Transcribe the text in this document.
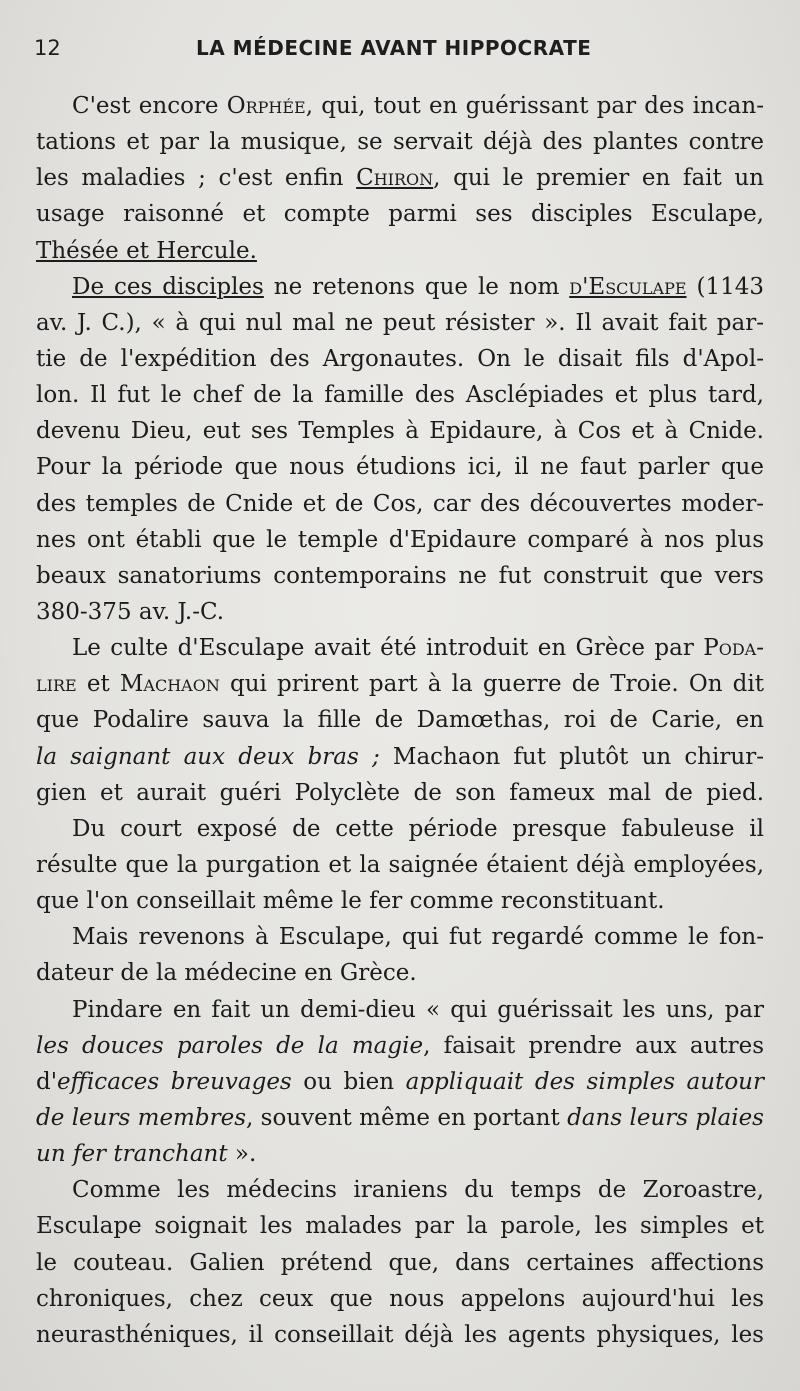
12	LA MÉDECINE AVANT HIPPOCRATE
C'est encore Orphée, qui, tout en guérissant par des incan-
tations et par la musique, se servait déjà des plantes contre
les maladies ; c'est enfin Chiron, qui le premier en fait un
usage raisonné et compte parmi ses disciples Esculape,
Thésée et Hercule.
De ces disciples ne retenons que le nom d'Esculape (1143
av. J. C.), « à qui nul mal ne peut résister ». Il avait fait par-
tie de l'expédition des Argonautes. On le disait fils d'Apol-
lon. Il fut le chef de la famille des Asclépiades et plus tard,
devenu Dieu, eut ses Temples à Epidaure, à Cos et à Cnide.
Pour la période que nous étudions ici, il ne faut parler que
des temples de Cnide et de Cos, car des découvertes moder-
nes ont établi que le temple d'Epidaure comparé à nos plus
beaux sanatoriums contemporains ne fut construit que vers
380-375 av. J.-C.
Le culte d'Esculape avait été introduit en Grèce par Poda-
lire et Machaon qui prirent part à la guerre de Troie. On dit
que Podalire sauva la fille de Damœthas, roi de Carie, en
la saignant aux deux bras ; Machaon fut plutôt un chirur-
gien et aurait guéri Polyclète de son fameux mal de pied.
Du court exposé de cette période presque fabuleuse il
résulte que la purgation et la saignée étaient déjà employées,
que l'on conseillait même le fer comme reconstituant.
Mais revenons à Esculape, qui fut regardé comme le fon-
dateur de la médecine en Grèce.
Pindare en fait un demi-dieu « qui guérissait les uns, par
les douces paroles de la magie, faisait prendre aux autres
d'efficaces breuvages ou bien appliquait des simples autour
de leurs membres, souvent même en portant dans leurs plaies
un fer tranchant ».
Comme les médecins iraniens du temps de Zoroastre,
Esculape soignait les malades par la parole, les simples et
le couteau. Galien prétend que, dans certaines affections
chroniques, chez ceux que nous appelons aujourd'hui les
neurasthéniques, il conseillait déjà les agents physiques, les
